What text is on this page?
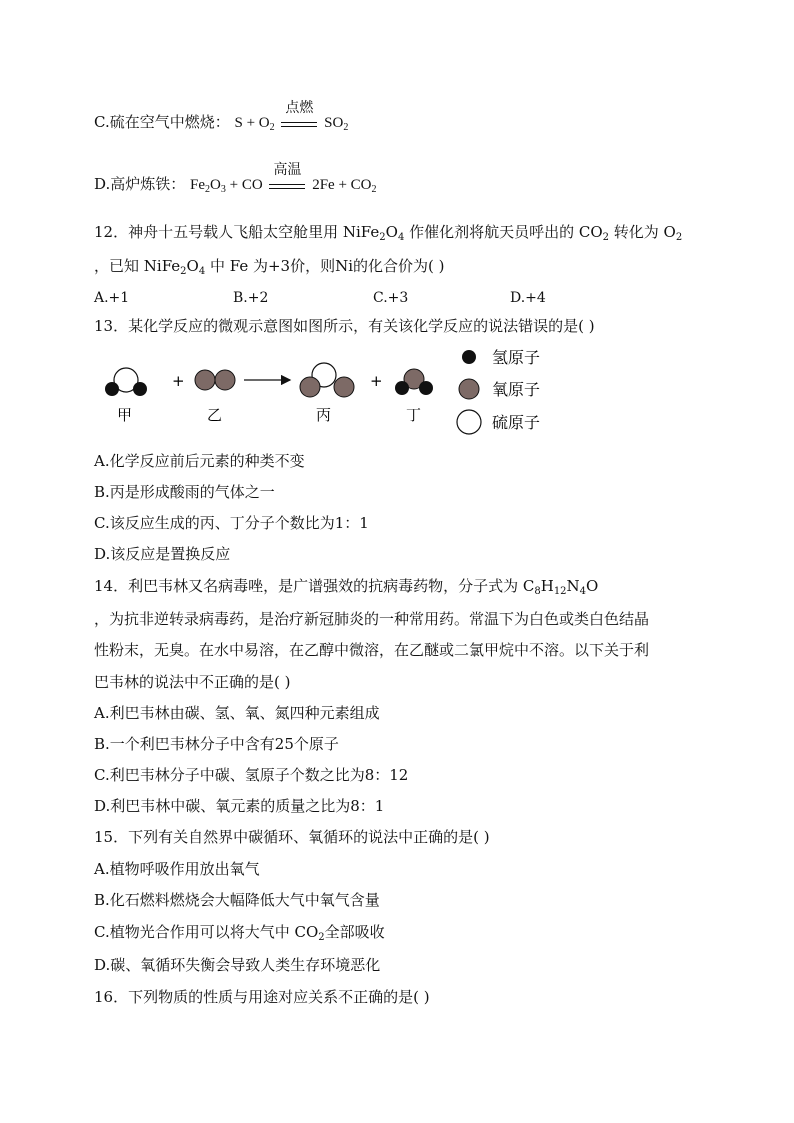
C.硫在空气中燃烧： $S + O_2$
点燃
$SO_2$
D.高炉炼铁： $Fe_2O_3$ + CO
高温
$2Fe + CO_2$
12．神舟十五号载人飞船太空舱里用 $NiFe_2O_4$ 作催化剂将航天员呼出的 $CO_2$ 转化为 $O_2$
，已知 $NiFe_2O_4$ 中 Fe 为+3价，则Ni的化合价为( )
A.+1	B.+2	C.+3	D.+4
13．某化学反应的微观示意图如图所示，有关该化学反应的说法错误的是( )
+	+
甲	乙	丙	丁
氢原子
氧原子
硫原子
A.化学反应前后元素的种类不变
B.丙是形成酸雨的气体之一
C.该反应生成的丙、丁分子个数比为1：1
D.该反应是置换反应
14．利巴韦林又名病毒唑，是广谱强效的抗病毒药物，分子式为 $C_8H_{12}N_4O$
，为抗非逆转录病毒药，是治疗新冠肺炎的一种常用药。常温下为白色或类白色结晶
性粉末，无臭。在水中易溶，在乙醇中微溶，在乙醚或二氯甲烷中不溶。以下关于利
巴韦林的说法中不正确的是( )
A.利巴韦林由碳、氢、氧、氮四种元素组成
B.一个利巴韦林分子中含有25个原子
C.利巴韦林分子中碳、氢原子个数之比为8：12
D.利巴韦林中碳、氧元素的质量之比为8：1
15．下列有关自然界中碳循环、氧循环的说法中正确的是( )
A.植物呼吸作用放出氧气
B.化石燃料燃烧会大幅降低大气中氧气含量
C.植物光合作用可以将大气中 $CO_2$全部吸收
D.碳、氧循环失衡会导致人类生存环境恶化
16．下列物质的性质与用途对应关系不正确的是( )
